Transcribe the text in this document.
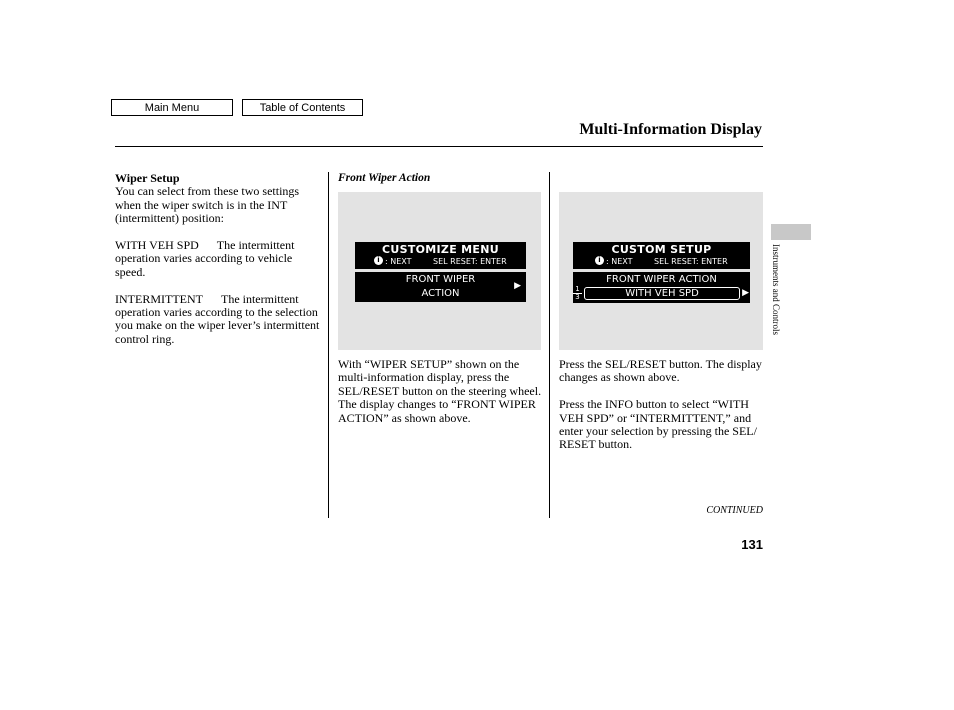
Main Menu	Table of Contents
Multi-Information Display

Wiper Setup

You can select from these two settings when the wiper switch is in the INT (intermittent) position:

WITH VEH SPD The intermittent operation varies according to vehicle speed.

INTERMITTENT The intermittent operation varies according to the selection you make on the wiper lever’s intermittent control ring.

Front Wiper Action
CUSTOMIZE MENU
i : NEXT	SEL RESET: ENTER
FRONT WIPER
ACTION
▶
CUSTOM SETUP
i : NEXT	SEL RESET: ENTER
FRONT WIPER ACTION
1
3	WITH VEH SPD	▶

With “WIPER SETUP” shown on the multi-information display, press the SEL/RESET button on the steering wheel. The display changes to “FRONT WIPER ACTION” as shown above.

Press the SEL/RESET button. The display changes as shown above.

Press the INFO button to select “WITH VEH SPD” or “INTERMITTENT,” and enter your selection by pressing the SEL/ RESET button.

Instruments and Controls
CONTINUED
131
